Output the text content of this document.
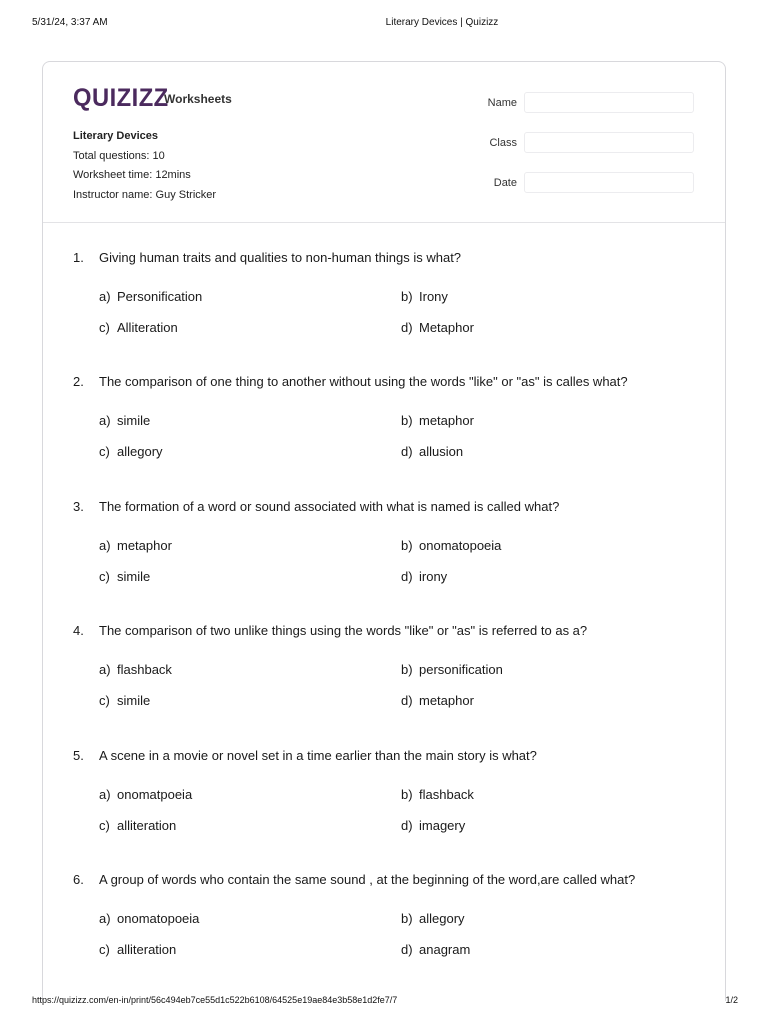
5/31/24, 3:37 AM	Literary Devices | Quizizz
QUIZIZZ
Worksheets
Literary Devices
Total questions: 10
Worksheet time: 12mins
Instructor name: Guy Stricker
Name
Class
Date
1.	Giving human traits and qualities to non-human things is what?
a) Personification	b) Irony
c) Alliteration	d) Metaphor
2.	The comparison of one thing to another without using the words "like" or "as" is calles what?
a) simile	b) metaphor
c) allegory	d) allusion
3.	The formation of a word or sound associated with what is named is called what?
a) metaphor	b) onomatopoeia
c) simile	d) irony
4.	The comparison of two unlike things using the words "like" or "as" is referred to as a?
a) flashback	b) personification
c) simile	d) metaphor
5.	A scene in a movie or novel set in a time earlier than the main story is what?
a) onomatpoeia	b) flashback
c) alliteration	d) imagery
6.	A group of words who contain the same sound , at the beginning of the word,are called what?
a) onomatopoeia	b) allegory
c) alliteration	d) anagram
https://quizizz.com/en-in/print/56c494eb7ce55d1c522b6108/64525e19ae84e3b58e1d2fe7/7	1/2
